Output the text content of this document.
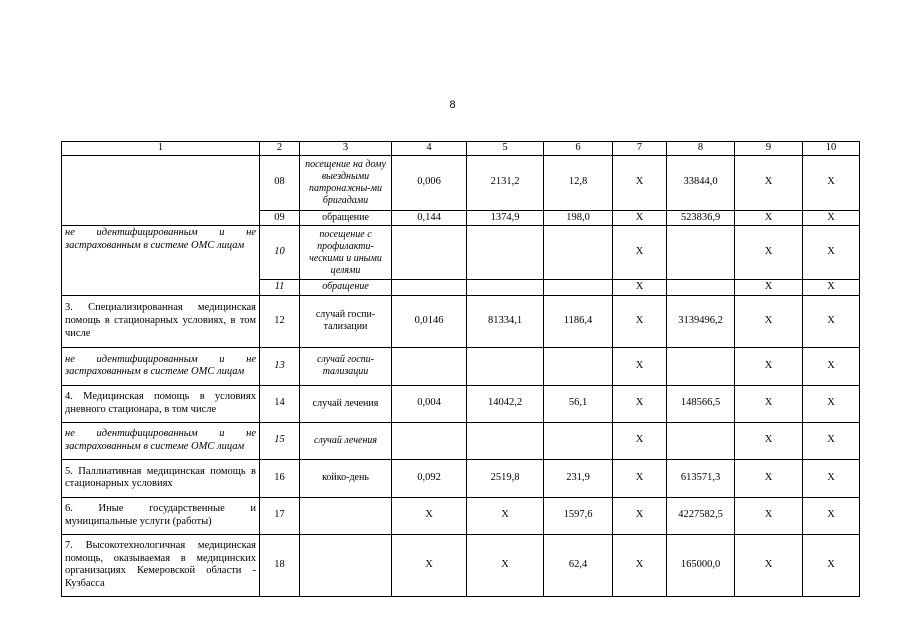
8
1	2	3	4	5	6	7	8	9	10
	08	посещение на дому выездными патронажны-ми бригадами	0,006	2131,2	12,8	X	33844,0	X	X
	09	обращение	0,144	1374,9	198,0	X	523836,9	X	X
не идентифицированным и не застрахованным в системе ОМС лицам	10	посещение с профилакти-ческими и иными целями				X		X	X
	11	обращение				X		X	X
3. Специализированная медицинская помощь в стационарных условиях, в том числе	12	случай госпи-тализации	0,0146	81334,1	1186,4	X	3139496,2	X	X
не идентифицированным и не застрахованным в системе ОМС лицам	13	случай госпи-тализации				X		X	X
4. Медицинская помощь в условиях дневного стационара, в том числе	14	случай лечения	0,004	14042,2	56,1	X	148566,5	X	X
не идентифицированным и не застрахованным в системе ОМС лицам	15	случай лечения				X		X	X
5. Паллиативная медицинская помощь в стационарных условиях	16	койко-день	0,092	2519,8	231,9	X	613571,3	X	X
6. Иные государственные и муниципальные услуги (работы)	17		X	X	1597,6	X	4227582,5	X	X
7. Высокотехнологичная медицинская помощь, оказываемая в медицинских организациях Кемеровской области - Кузбасса	18		X	X	62,4	X	165000,0	X	X
